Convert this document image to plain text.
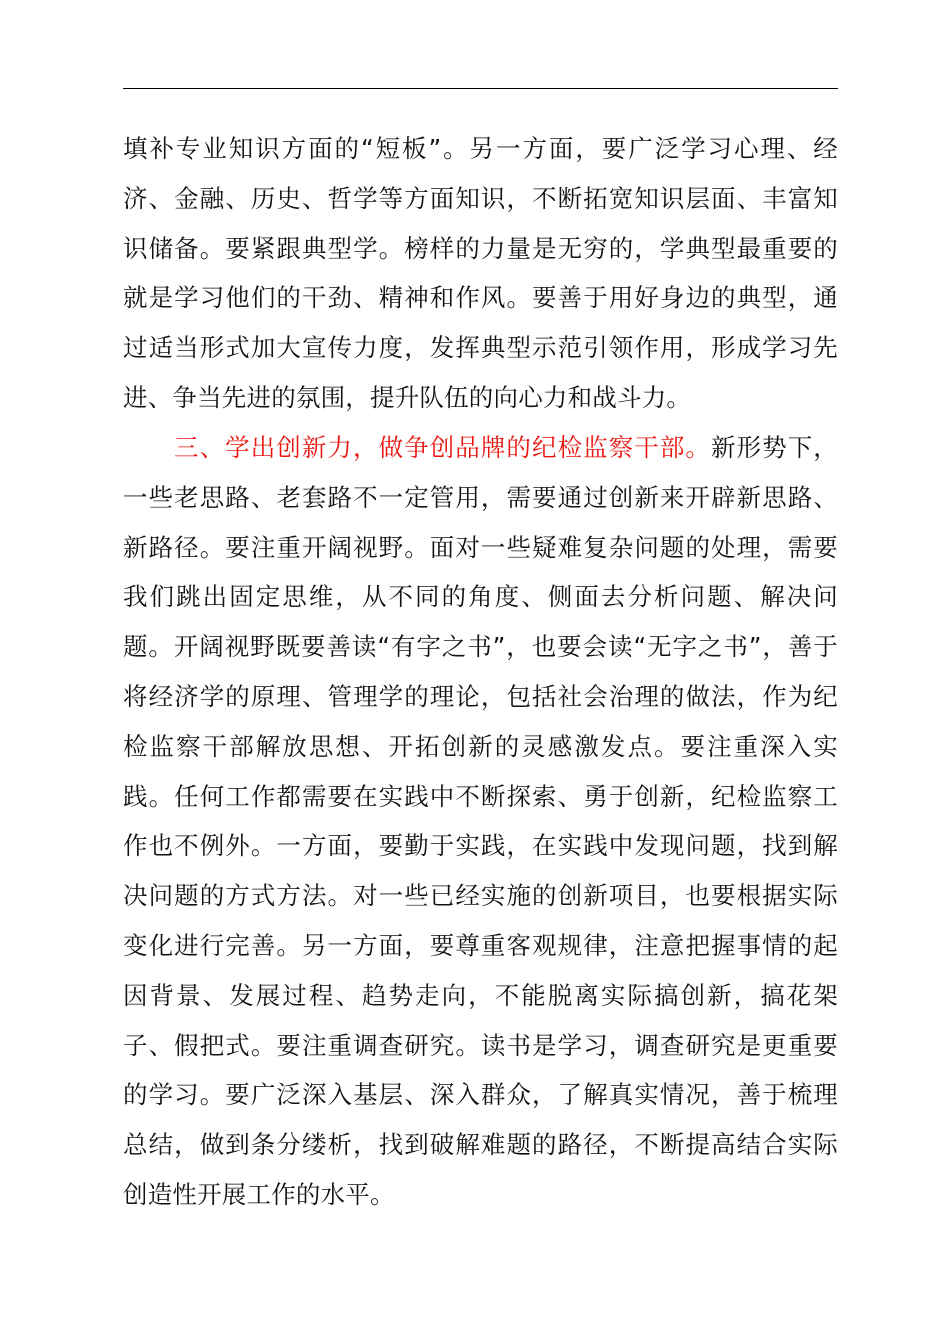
填补专业知识方面的“短板”。另一方面，要广泛学习心理、经济、金融、历史、哲学等方面知识，不断拓宽知识层面、丰富知识储备。要紧跟典型学。榜样的力量是无穷的，学典型最重要的就是学习他们的干劲、精神和作风。要善于用好身边的典型，通过适当形式加大宣传力度，发挥典型示范引领作用，形成学习先进、争当先进的氛围，提升队伍的向心力和战斗力。
三、学出创新力，做争创品牌的纪检监察干部。新形势下，一些老思路、老套路不一定管用，需要通过创新来开辟新思路、新路径。要注重开阔视野。面对一些疑难复杂问题的处理，需要我们跳出固定思维，从不同的角度、侧面去分析问题、解决问题。开阔视野既要善读“有字之书”，也要会读“无字之书”，善于将经济学的原理、管理学的理论，包括社会治理的做法，作为纪检监察干部解放思想、开拓创新的灵感激发点。要注重深入实践。任何工作都需要在实践中不断探索、勇于创新，纪检监察工作也不例外。一方面，要勤于实践，在实践中发现问题，找到解决问题的方式方法。对一些已经实施的创新项目，也要根据实际变化进行完善。另一方面，要尊重客观规律，注意把握事情的起因背景、发展过程、趋势走向，不能脱离实际搞创新，搞花架子、假把式。要注重调查研究。读书是学习，调查研究是更重要的学习。要广泛深入基层、深入群众，了解真实情况，善于梳理总结，做到条分缕析，找到破解难题的路径，不断提高结合实际创造性开展工作的水平。
